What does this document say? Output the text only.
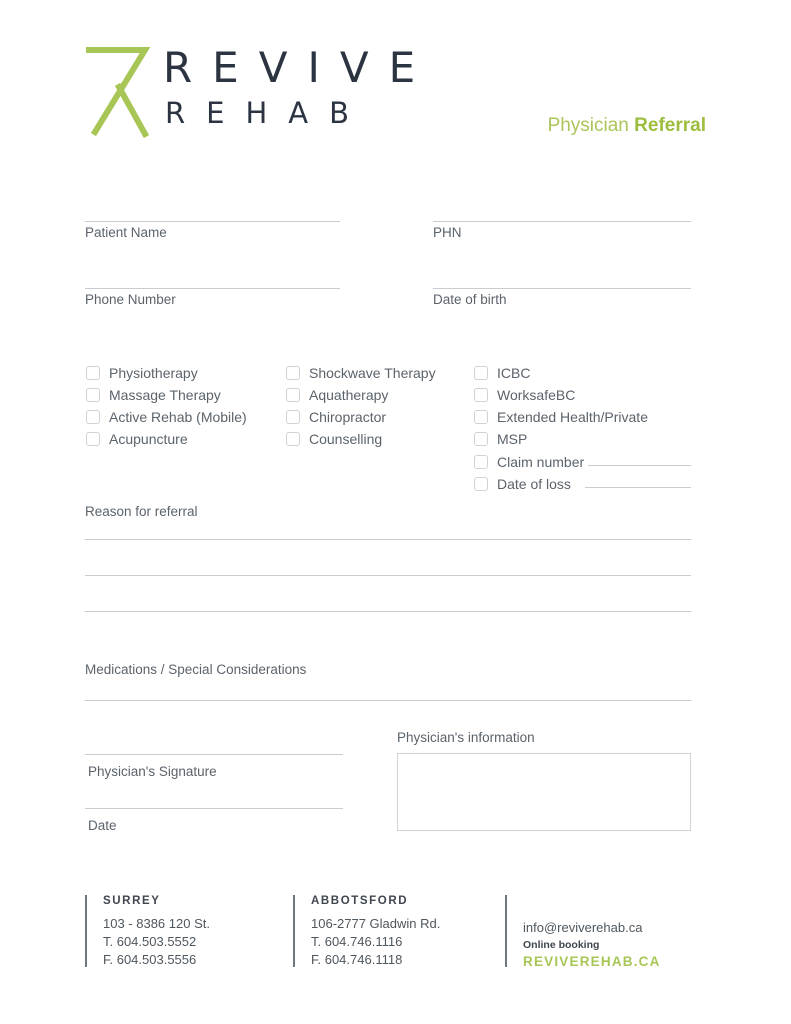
REVIVE
REHAB	Physician Referral
Patient Name	PHN
Phone Number	Date of birth
Physiotherapy
Massage Therapy
Active Rehab (Mobile)
Acupuncture
Shockwave Therapy
Aquatherapy
Chiropractor
Counselling
ICBC
WorksafeBC
Extended Health/Private
MSP
Claim number
Date of loss
Reason for referral
Medications / Special Considerations
Physician's Signature
Date
Physician's information
SURREY
103 - 8386 120 St.
T. 604.503.5552
F. 604.503.5556
ABBOTSFORD
106-2777 Gladwin Rd.
T. 604.746.1116
F. 604.746.1118
info@reviverehab.ca
Online booking
REVIVEREHAB.CA
